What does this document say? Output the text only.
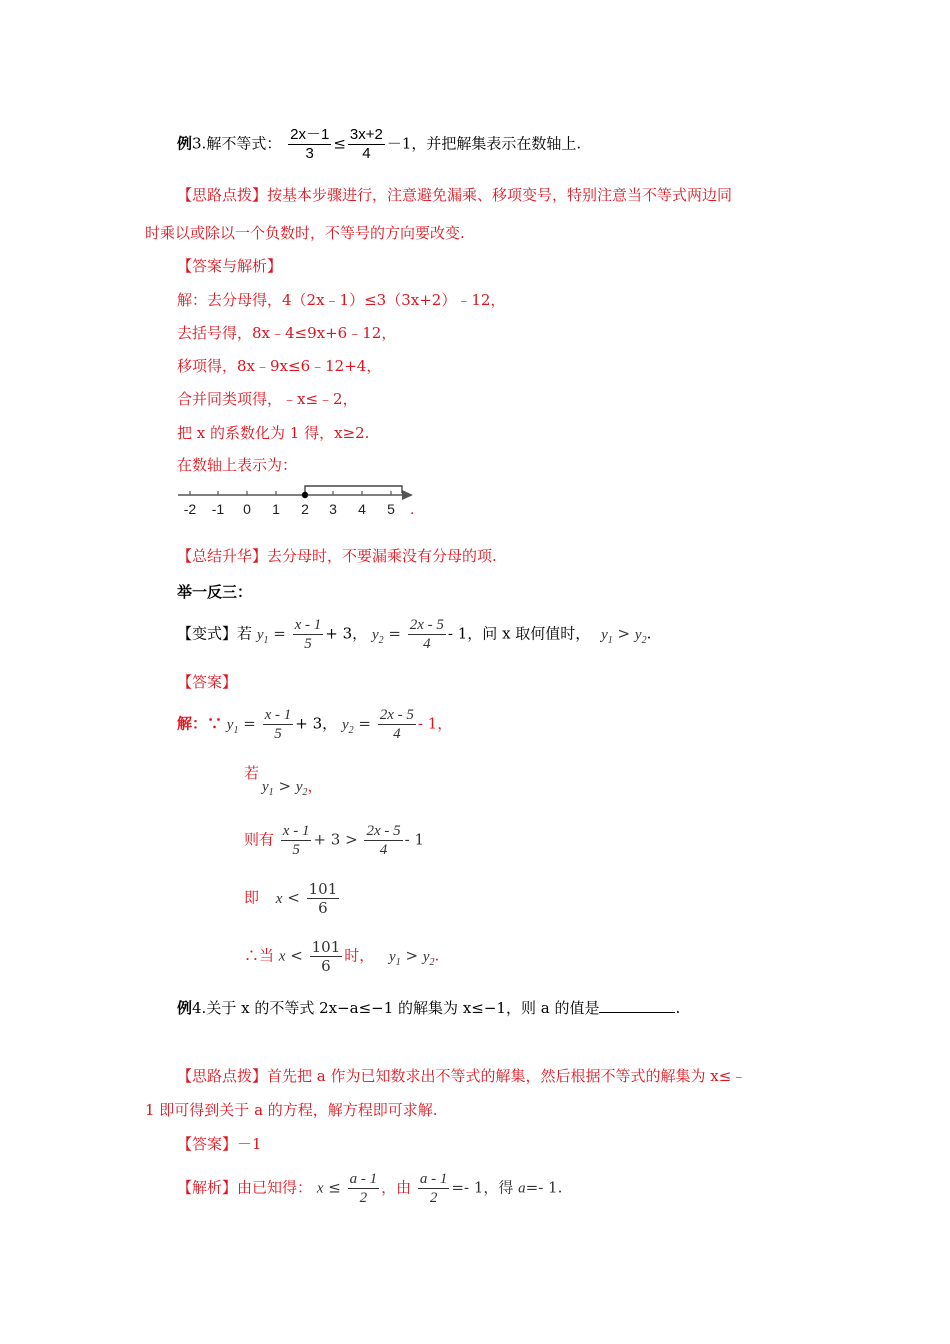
例3.解不等式： $\frac{2x-1}{3} \le \frac{3x+2}{4} -1$，并把解集表示在数轴上.
【思路点拨】按基本步骤进行，注意避免漏乘、移项变号，特别注意当不等式两边同
时乘以或除以一个负数时，不等号的方向要改变.
【答案与解析】
解：去分母得，4（2x﹣1）≤3（3x+2）﹣12，
去括号得，8x﹣4≤9x+6﹣12，
移项得，8x﹣9x≤6﹣12+4，
合并同类项得，﹣x≤﹣2，
把 x 的系数化为 1 得，x≥2.
在数轴上表示为：
-2 -1 0 1 2 3 4 5 .
【总结升华】去分母时，不要漏乘没有分母的项.
举一反三：
【变式】若 $y_1 = \frac{x - 1}{5} + 3$， $y_2 = \frac{2x - 5}{4} - 1$，问 x 取何值时， $y_1 > y_2$.
【答案】
解：∵ $y_1 = \frac{x - 1}{5} + 3$， $y_2 = \frac{2x - 5}{4} - 1$，
若
$y_1 > y_2$，
则有 $\frac{x - 1}{5} + 3 > \frac{2x - 5}{4} - 1$
即 $x < \frac{101}{6}$
∴当 $x < \frac{101}{6}$ 时， $y_1 > y_2$.
例4.关于 x 的不等式 2x−a≤−1 的解集为 x≤−1，则 a 的值是	.
【思路点拨】首先把 a 作为已知数求出不等式的解集，然后根据不等式的解集为 x≤﹣
1 即可得到关于 a 的方程，解方程即可求解.
【答案】－1
【解析】由已知得： $x \le \frac{a - 1}{2}$ ，由 $\frac{a - 1}{2} =- 1$，得 a=- 1.
